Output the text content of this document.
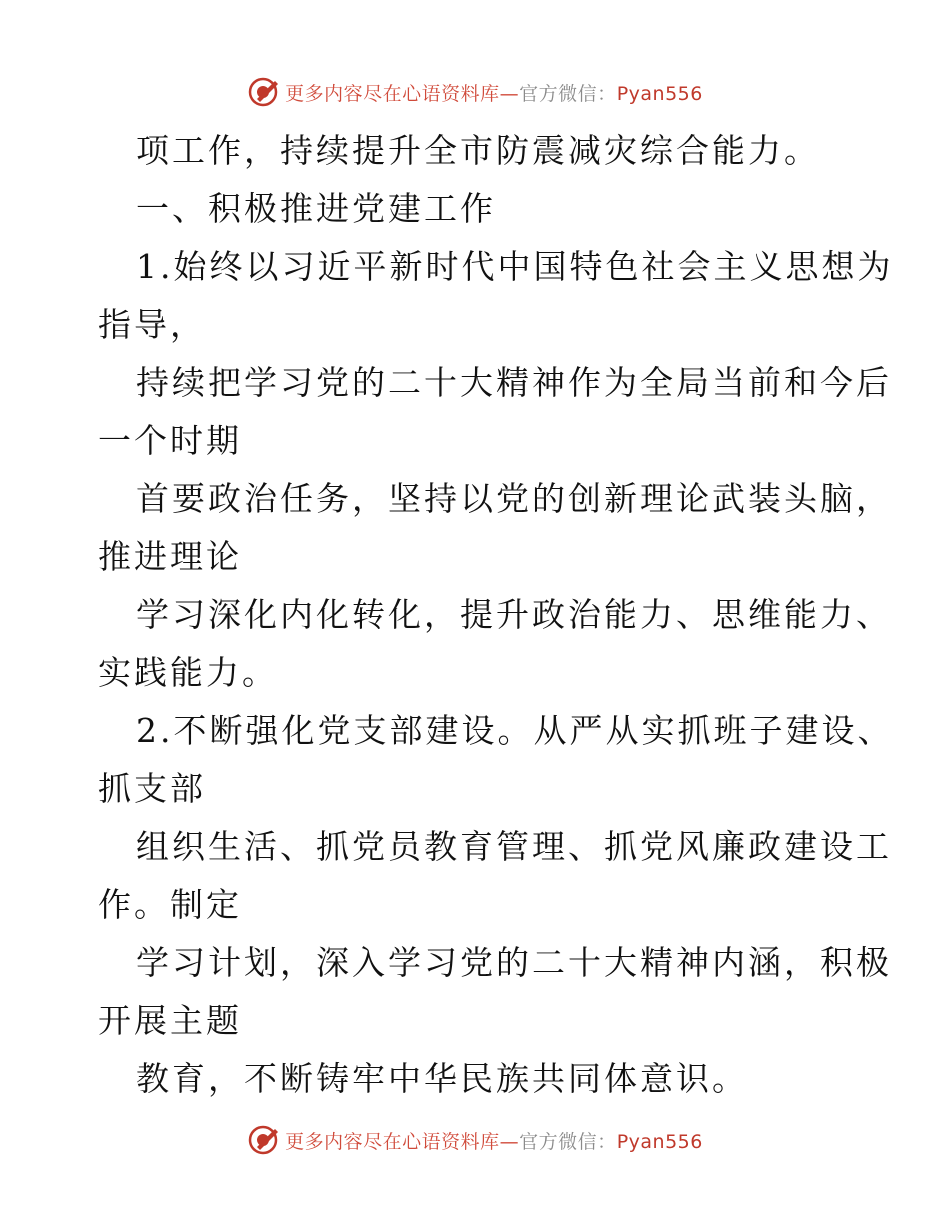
更多内容尽在心语资料库—官方微信：Pyan556
项工作，持续提升全市防震减灾综合能力。
一、积极推进党建工作
1.始终以习近平新时代中国特色社会主义思想为
指导，
持续把学习党的二十大精神作为全局当前和今后
一个时期
首要政治任务，坚持以党的创新理论武装头脑，
推进理论
学习深化内化转化，提升政治能力、思维能力、
实践能力。
2.不断强化党支部建设。从严从实抓班子建设、
抓支部
组织生活、抓党员教育管理、抓党风廉政建设工
作。制定
学习计划，深入学习党的二十大精神内涵，积极
开展主题
教育，不断铸牢中华民族共同体意识。
更多内容尽在心语资料库—官方微信：Pyan556
